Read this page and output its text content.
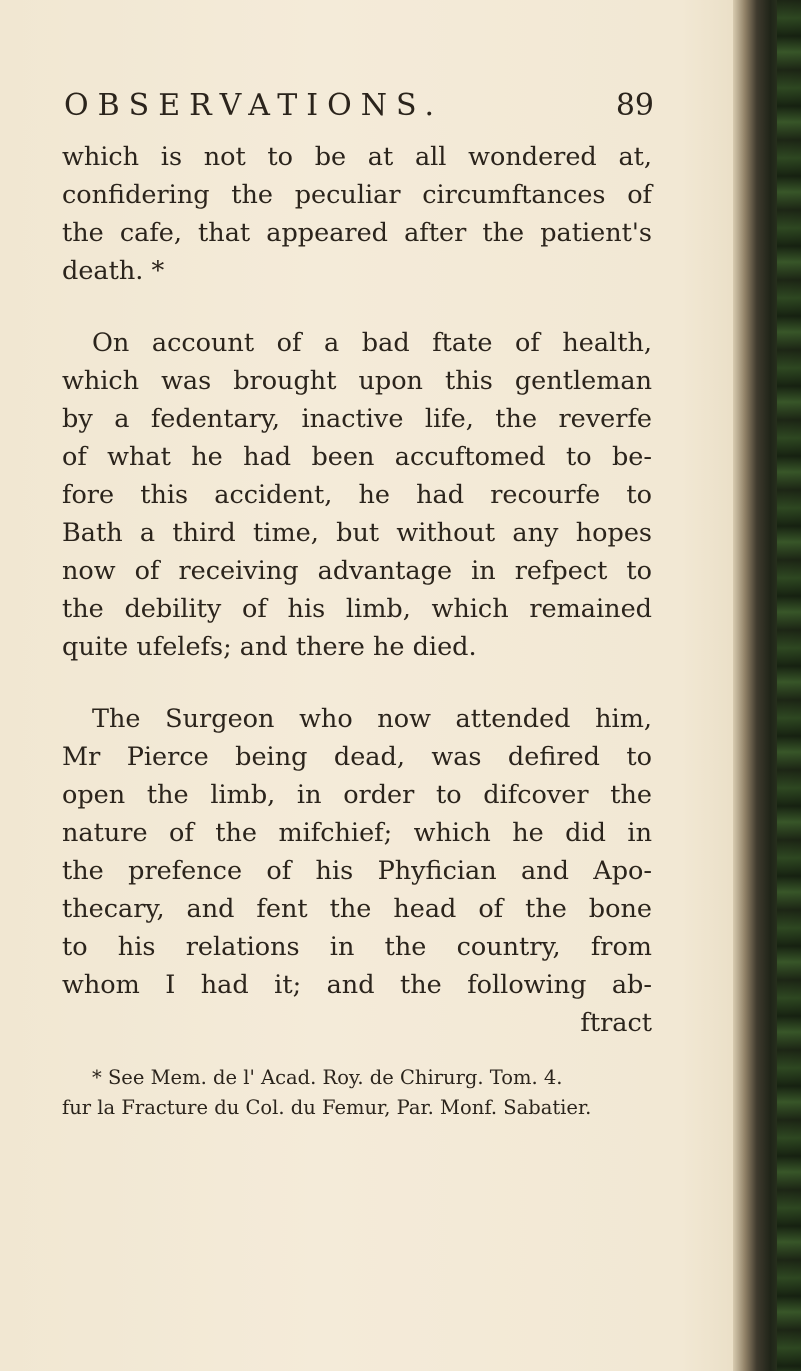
OBSERVATIONS.	89
which is not to be at all wondered at,
confidering the peculiar circumftances of
the cafe, that appeared after the patient's
death. *
On account of a bad ftate of health,
which was brought upon this gentleman
by a fedentary, inactive life, the reverfe
of what he had been accuftomed to be-
fore this accident, he had recourfe to
Bath a third time, but without any hopes
now of receiving advantage in refpect to
the debility of his limb, which remained
quite ufelefs; and there he died.
The Surgeon who now attended him,
Mr Pierce being dead, was defired to
open the limb, in order to difcover the
nature of the mifchief; which he did in
the prefence of his Phyfician and Apo-
thecary, and fent the head of the bone
to his relations in the country, from
whom I had it; and the following ab-
ftract
* See Mem. de l' Acad. Roy. de Chirurg. Tom. 4.
fur la Fracture du Col. du Femur, Par. Monf. Sabatier.
